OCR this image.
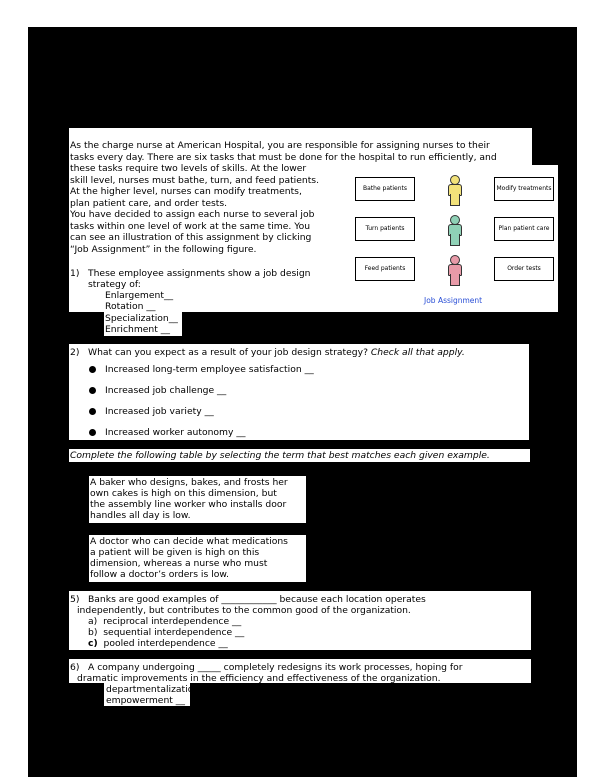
As the charge nurse at American Hospital, you are responsible for assigning nurses to their
tasks every day. There are six tasks that must be done for the hospital to run efficiently, and
these tasks require two levels of skills. At the lower
skill level, nurses must bathe, turn, and feed patients.
At the higher level, nurses can modify treatments,
plan patient care, and order tests.
You have decided to assign each nurse to several job
tasks within one level of work at the same time. You
can see an illustration of this assignment by clicking
“Job Assignment” in the following figure.
Bathe patients
Turn patients
Feed patients
Modify treatments
Plan patient care
Order tests
Job Assignment
1) These employee assignments show a job design
strategy of:
Enlargement__
Rotation __
Specialization__
Enrichment __
2) What can you expect as a result of your job design strategy? Check all that apply.
Increased long-term employee satisfaction __
Increased job challenge __
Increased job variety __
Increased worker autonomy __
Complete the following table by selecting the term that best matches each given example.
A baker who designs, bakes, and frosts her
own cakes is high on this dimension, but
the assembly line worker who installs door
handles all day is low.
A doctor who can decide what medications
a patient will be given is high on this
dimension, whereas a nurse who must
follow a doctor’s orders is low.
5) Banks are good examples of ____________ because each location operates
independently, but contributes to the common good of the organization.
a) reciprocal interdependence __
b) sequential interdependence __
c) pooled interdependence __
6) A company undergoing _____ completely redesigns its work processes, hoping for
dramatic improvements in the efficiency and effectiveness of the organization.
departmentalization __
empowerment __
